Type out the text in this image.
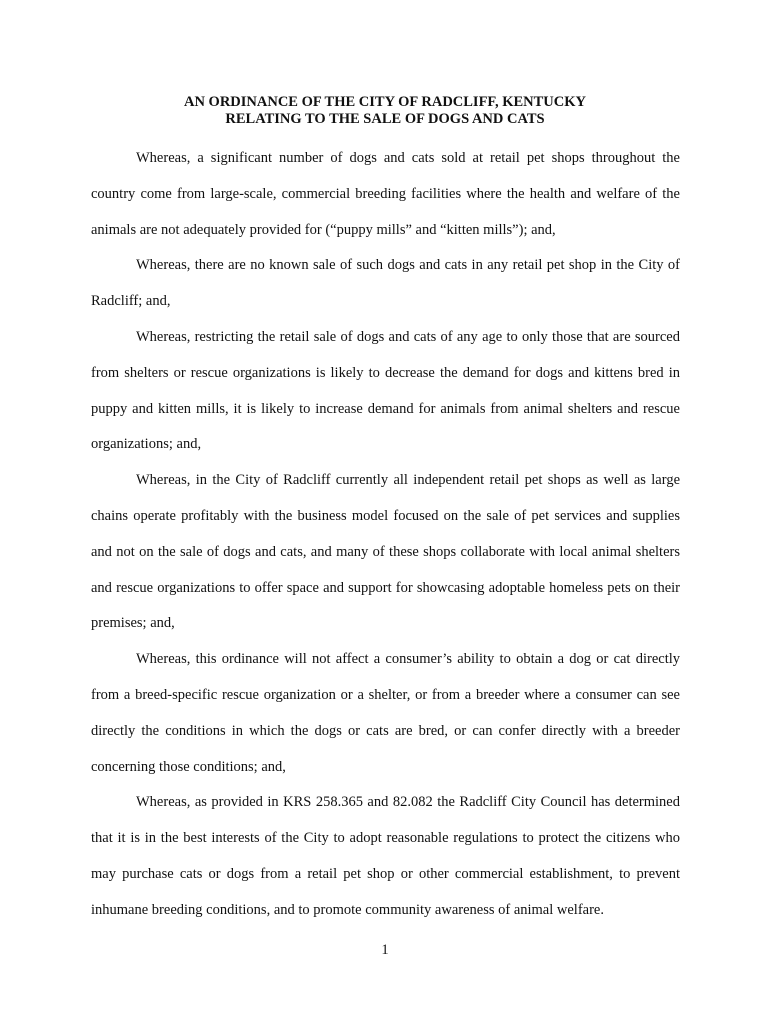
AN ORDINANCE OF THE CITY OF RADCLIFF, KENTUCKY
RELATING TO THE SALE OF DOGS AND CATS

Whereas, a significant number of dogs and cats sold at retail pet shops throughout the country come from large-scale, commercial breeding facilities where the health and welfare of the animals are not adequately provided for (“puppy mills” and “kitten mills”); and,

Whereas, there are no known sale of such dogs and cats in any retail pet shop in the City of Radcliff; and,

Whereas, restricting the retail sale of dogs and cats of any age to only those that are sourced from shelters or rescue organizations is likely to decrease the demand for dogs and kittens bred in puppy and kitten mills, it is likely to increase demand for animals from animal shelters and rescue organizations; and,

Whereas, in the City of Radcliff currently all independent retail pet shops as well as large chains operate profitably with the business model focused on the sale of pet services and supplies and not on the sale of dogs and cats, and many of these shops collaborate with local animal shelters and rescue organizations to offer space and support for showcasing adoptable homeless pets on their premises; and,

Whereas, this ordinance will not affect a consumer’s ability to obtain a dog or cat directly from a breed-specific rescue organization or a shelter, or from a breeder where a consumer can see directly the conditions in which the dogs or cats are bred, or can confer directly with a breeder concerning those conditions; and,

Whereas, as provided in KRS 258.365 and 82.082 the Radcliff City Council has determined that it is in the best interests of the City to adopt reasonable regulations to protect the citizens who may purchase cats or dogs from a retail pet shop or other commercial establishment, to prevent inhumane breeding conditions, and to promote community awareness of animal welfare.

1
